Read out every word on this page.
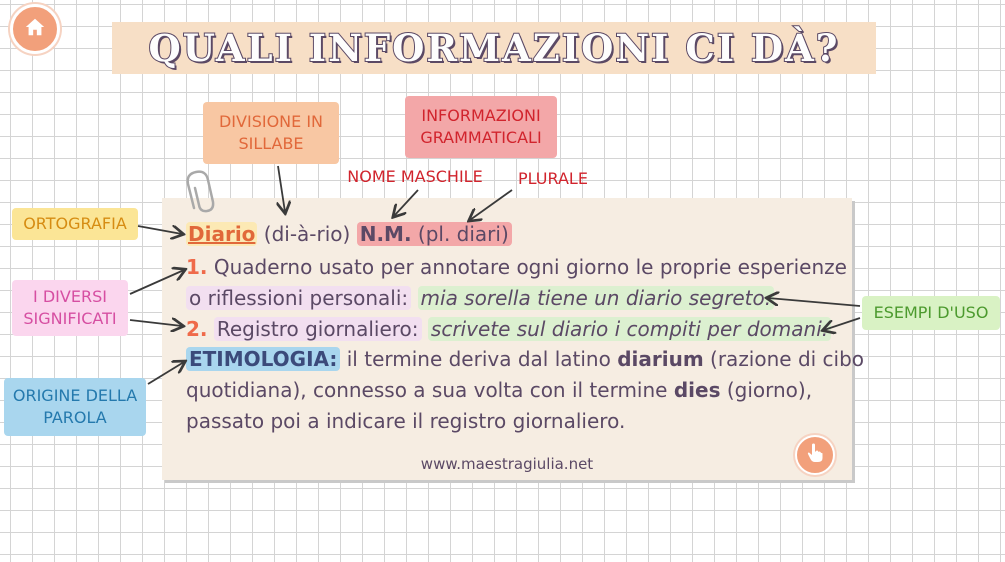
QUALI INFORMAZIONI CI DÀ?
DIVISIONE IN SILLABE
INFORMAZIONI GRAMMATICALI
NOME MASCHILE PLURALE
ORTOGRAFIA
I DIVERSI SIGNIFICATI
ORIGINE DELLA PAROLA
ESEMPI D'USO
Diario (di-à-rio) N.M. (pl. diari)
1. Quaderno usato per annotare ogni giorno le proprie esperienze
o riflessioni personali: mia sorella tiene un diario segreto.
2. Registro giornaliero: scrivete sul diario i compiti per domani.
ETIMOLOGIA: il termine deriva dal latino diarium (razione di cibo
quotidiana), connesso a sua volta con il termine dies (giorno),
passato poi a indicare il registro giornaliero.
www.maestragiulia.net
